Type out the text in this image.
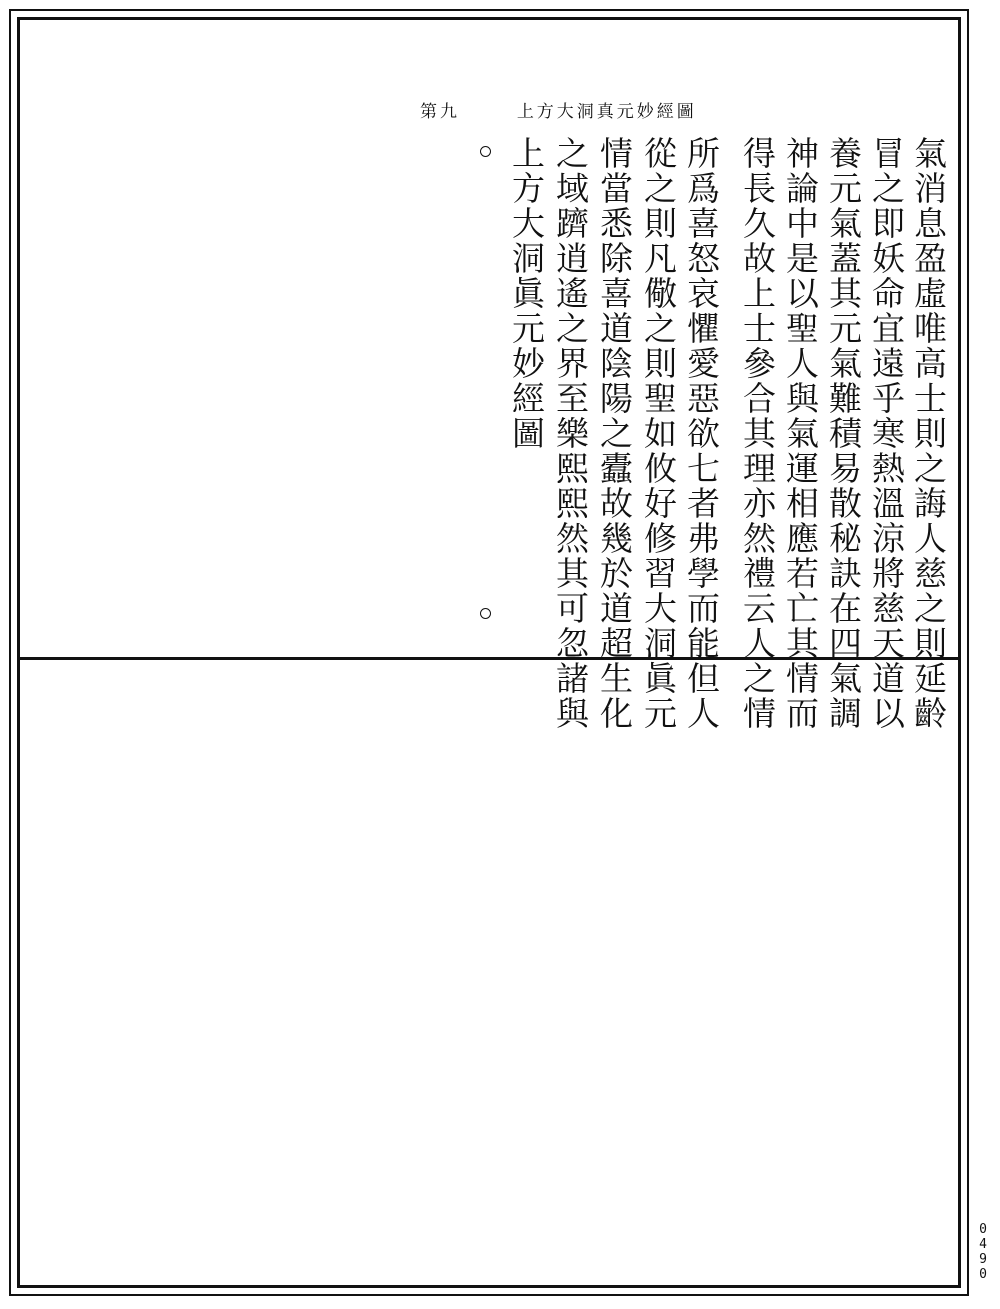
上方大洞真元妙經圖  第九
氣消息盈虛唯高士則之誨人慈之則延齡
冒之即妖命宜遠乎寒熱溫涼將慈天道以
養元氣蓋其元氣難積易散秘訣在四氣調
神論中是以聖人與氣運相應若亡其情而
得長久故上士參合其理亦然禮云人之情
所爲喜怒哀懼愛惡欲七者弗學而能但人
從之則凡儆之則聖如攸好修習大洞眞元
情當悉除喜道陰陽之蠹故幾於道超生化
之域躋逍遙之界至樂熙熙然其可忽諸與
上方大洞眞元妙經圖
0490
